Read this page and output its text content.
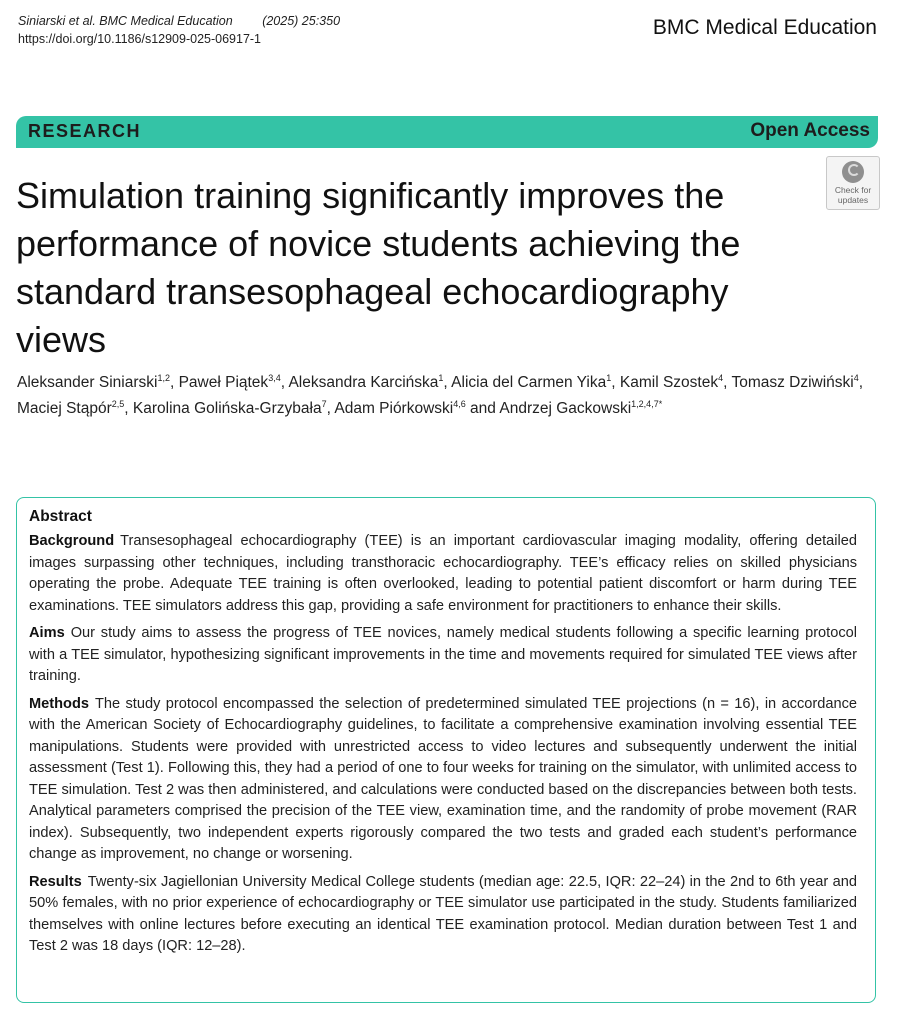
Siniarski et al. BMC Medical Education (2025) 25:350
https://doi.org/10.1186/s12909-025-06917-1	BMC Medical Education
RESEARCH	Open Access
Check for
updates
Simulation training significantly improves the performance of novice students achieving the standard transesophageal echocardiography views
Aleksander Siniarski$^{1,2}$, Paweł Piątek$^{3,4}$, Aleksandra Karcińska$^1$, Alicia del Carmen Yika$^1$, Kamil Szostek$^4$, Tomasz Dziwiński$^4$, Maciej Stąpór$^{2,5}$, Karolina Golińska-Grzybała$^7$, Adam Piórkowski$^{4,6}$ and Andrzej Gackowski$^{1,2,4,7*}$
Abstract

Background Transesophageal echocardiography (TEE) is an important cardiovascular imaging modality, offering detailed images surpassing other techniques, including transthoracic echocardiography. TEE’s efficacy relies on skilled physicians operating the probe. Adequate TEE training is often overlooked, leading to potential patient discomfort or harm during TEE examinations. TEE simulators address this gap, providing a safe environment for practitioners to enhance their skills.

Aims Our study aims to assess the progress of TEE novices, namely medical students following a specific learning protocol with a TEE simulator, hypothesizing significant improvements in the time and movements required for simulated TEE views after training.

Methods The study protocol encompassed the selection of predetermined simulated TEE projections (n = 16), in accordance with the American Society of Echocardiography guidelines, to facilitate a comprehensive examination involving essential TEE manipulations. Students were provided with unrestricted access to video lectures and subsequently underwent the initial assessment (Test 1). Following this, they had a period of one to four weeks for training on the simulator, with unlimited access to TEE simulation. Test 2 was then administered, and calculations were conducted based on the discrepancies between both tests. Analytical parameters comprised the precision of the TEE view, examination time, and the randomity of probe movement (RAR index). Subsequently, two independent experts rigorously compared the two tests and graded each student’s performance change as improvement, no change or worsening.

Results Twenty-six Jagiellonian University Medical College students (median age: 22.5, IQR: 22–24) in the 2nd to 6th year and 50% females, with no prior experience of echocardiography or TEE simulator use participated in the study. Students familiarized themselves with online lectures before executing an identical TEE examination protocol. Median duration between Test 1 and Test 2 was 18 days (IQR: 12–28).
